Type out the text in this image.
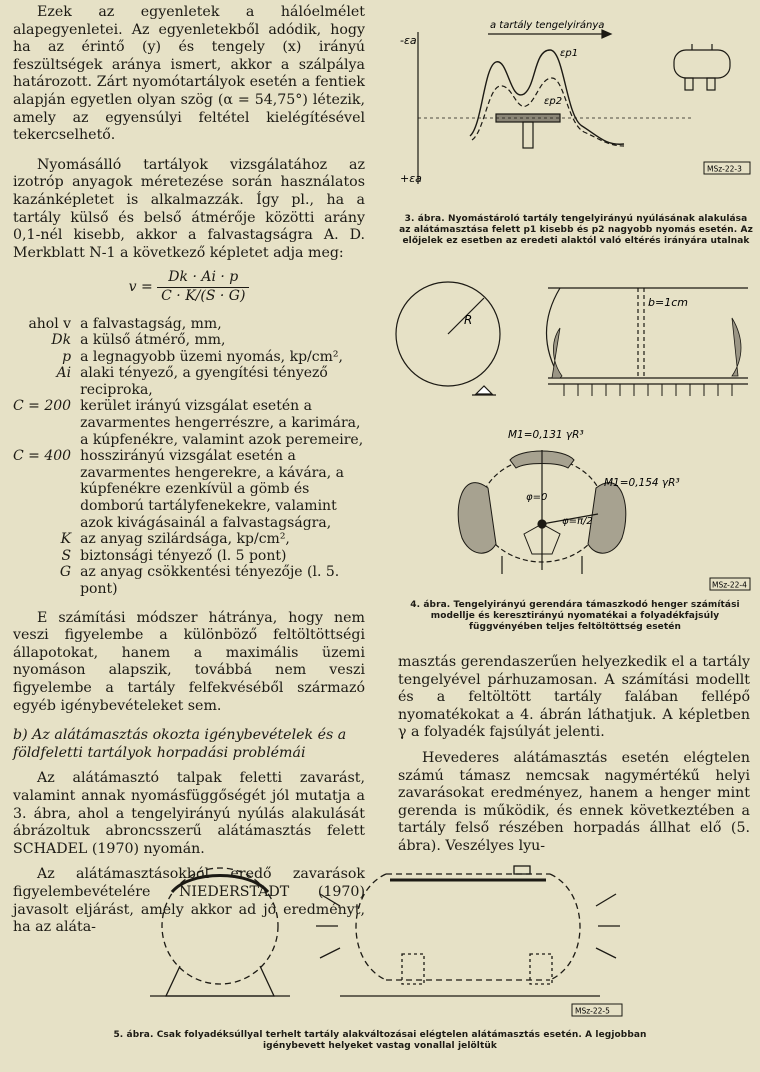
Ezek az egyenletek a hálóelmélet alapegyenletei. Az egyenletekből adódik, hogy ha az érintő (y) és tengely (x) irányú feszültségek aránya ismert, akkor a szálpálya határozott. Zárt nyomótartályok esetén a fentiek alapján egyetlen olyan szög (α = 54,75°) létezik, amely az egyensúlyi feltétel kielégítésével tekercselhető.

Nyomásálló tartályok vizsgálatához az izotróp anyagok méretezése során használatos kazánképletet is alkalmazzák. Így pl., ha a tartály külső és belső átmérője közötti arány 0,1-nél kisebb, akkor a falvastagságra A. D. Merkblatt N-1 a következő képletet adja meg:

$v = \frac{Dk \cdot Ai \cdot p}{C \cdot K/(S \cdot G)}$
ahol v	a falvastagság, mm,
Dk	a külső átmérő, mm,
p	a legnagyobb üzemi nyomás, kp/cm²,
Ai	alaki tényező, a gyengítési tényező reciproka,
C = 200	kerület irányú vizsgálat esetén a zavarmentes hengerrészre, a karimára, a kúpfenékre, valamint azok peremeire,
C = 400	hosszirányú vizsgálat esetén a zavarmentes hengerekre, a kávára, a kúpfenékre ezenkívül a gömb és domború tartályfenekekre, valamint azok kivágásainál a falvastagságra,
K	az anyag szilárdsága, kp/cm²,
S	biztonsági tényező (l. 5 pont)
G	az anyag csökkentési tényezője (l. 5. pont)

E számítási módszer hátránya, hogy nem veszi figyelembe a különböző feltöltöttségi állapotokat, hanem a maximális üzemi nyomáson alapszik, továbbá nem veszi figyelembe a tartály felfekvéséből származó egyéb igénybevételeket sem.

b) Az alátámasztás okozta igénybevételek és a földfeletti tartályok horpadási problémái

Az alátámasztó talpak feletti zavarást, valamint annak nyomásfüggőségét jól mutatja a 3. ábra, ahol a tengelyirányú nyúlás alakulását ábrázoltuk abroncsszerű alátámasztás felett SCHADEL (1970) nyomán.

Az alátámasztásokból eredő zavarások figyelembevételére NIEDERSTADT (1970) javasolt eljárást, amely akkor ad jó eredményt, ha az aláta-

-εa
+εa
a tartály tengelyiránya
εp1
εp2
MSz-22-3
3. ábra. Nyomástároló tartály tengelyirányú nyúlásának alakulása az alátámasztása felett p1 kisebb és p2 nagyobb nyomás esetén. Az előjelek ez esetben az eredeti alaktól való eltérés irányára utalnak
R
b=1cm
M1=0,131 γR³
M1=0,154 γR³
φ=0
φ=π/2
MSz-22-4
4. ábra. Tengelyirányú gerendára támaszkodó henger számítási modellje és keresztirányú nyomatékai a folyadékfajsúly függvényében teljes feltöltöttség esetén

masztás gerendaszerűen helyezkedik el a tartály tengelyével párhuzamosan. A számítási modellt és a feltöltött tartály falában fellépő nyomatékokat a 4. ábrán láthatjuk. A képletben γ a folyadék fajsúlyát jelenti.

Hevederes alátámasztás esetén elégtelen számú támasz nemcsak nagymértékű helyi zavarásokat eredményez, hanem a henger mint gerenda is működik, és ennek következtében a tartály felső részében horpadás állhat elő (5. ábra). Veszélyes lyu-

MSz-22-5
5. ábra. Csak folyadéksúllyal terhelt tartály alakváltozásai elégtelen alátámasztás esetén. A legjobban igénybevett helyeket vastag vonallal jelöltük
